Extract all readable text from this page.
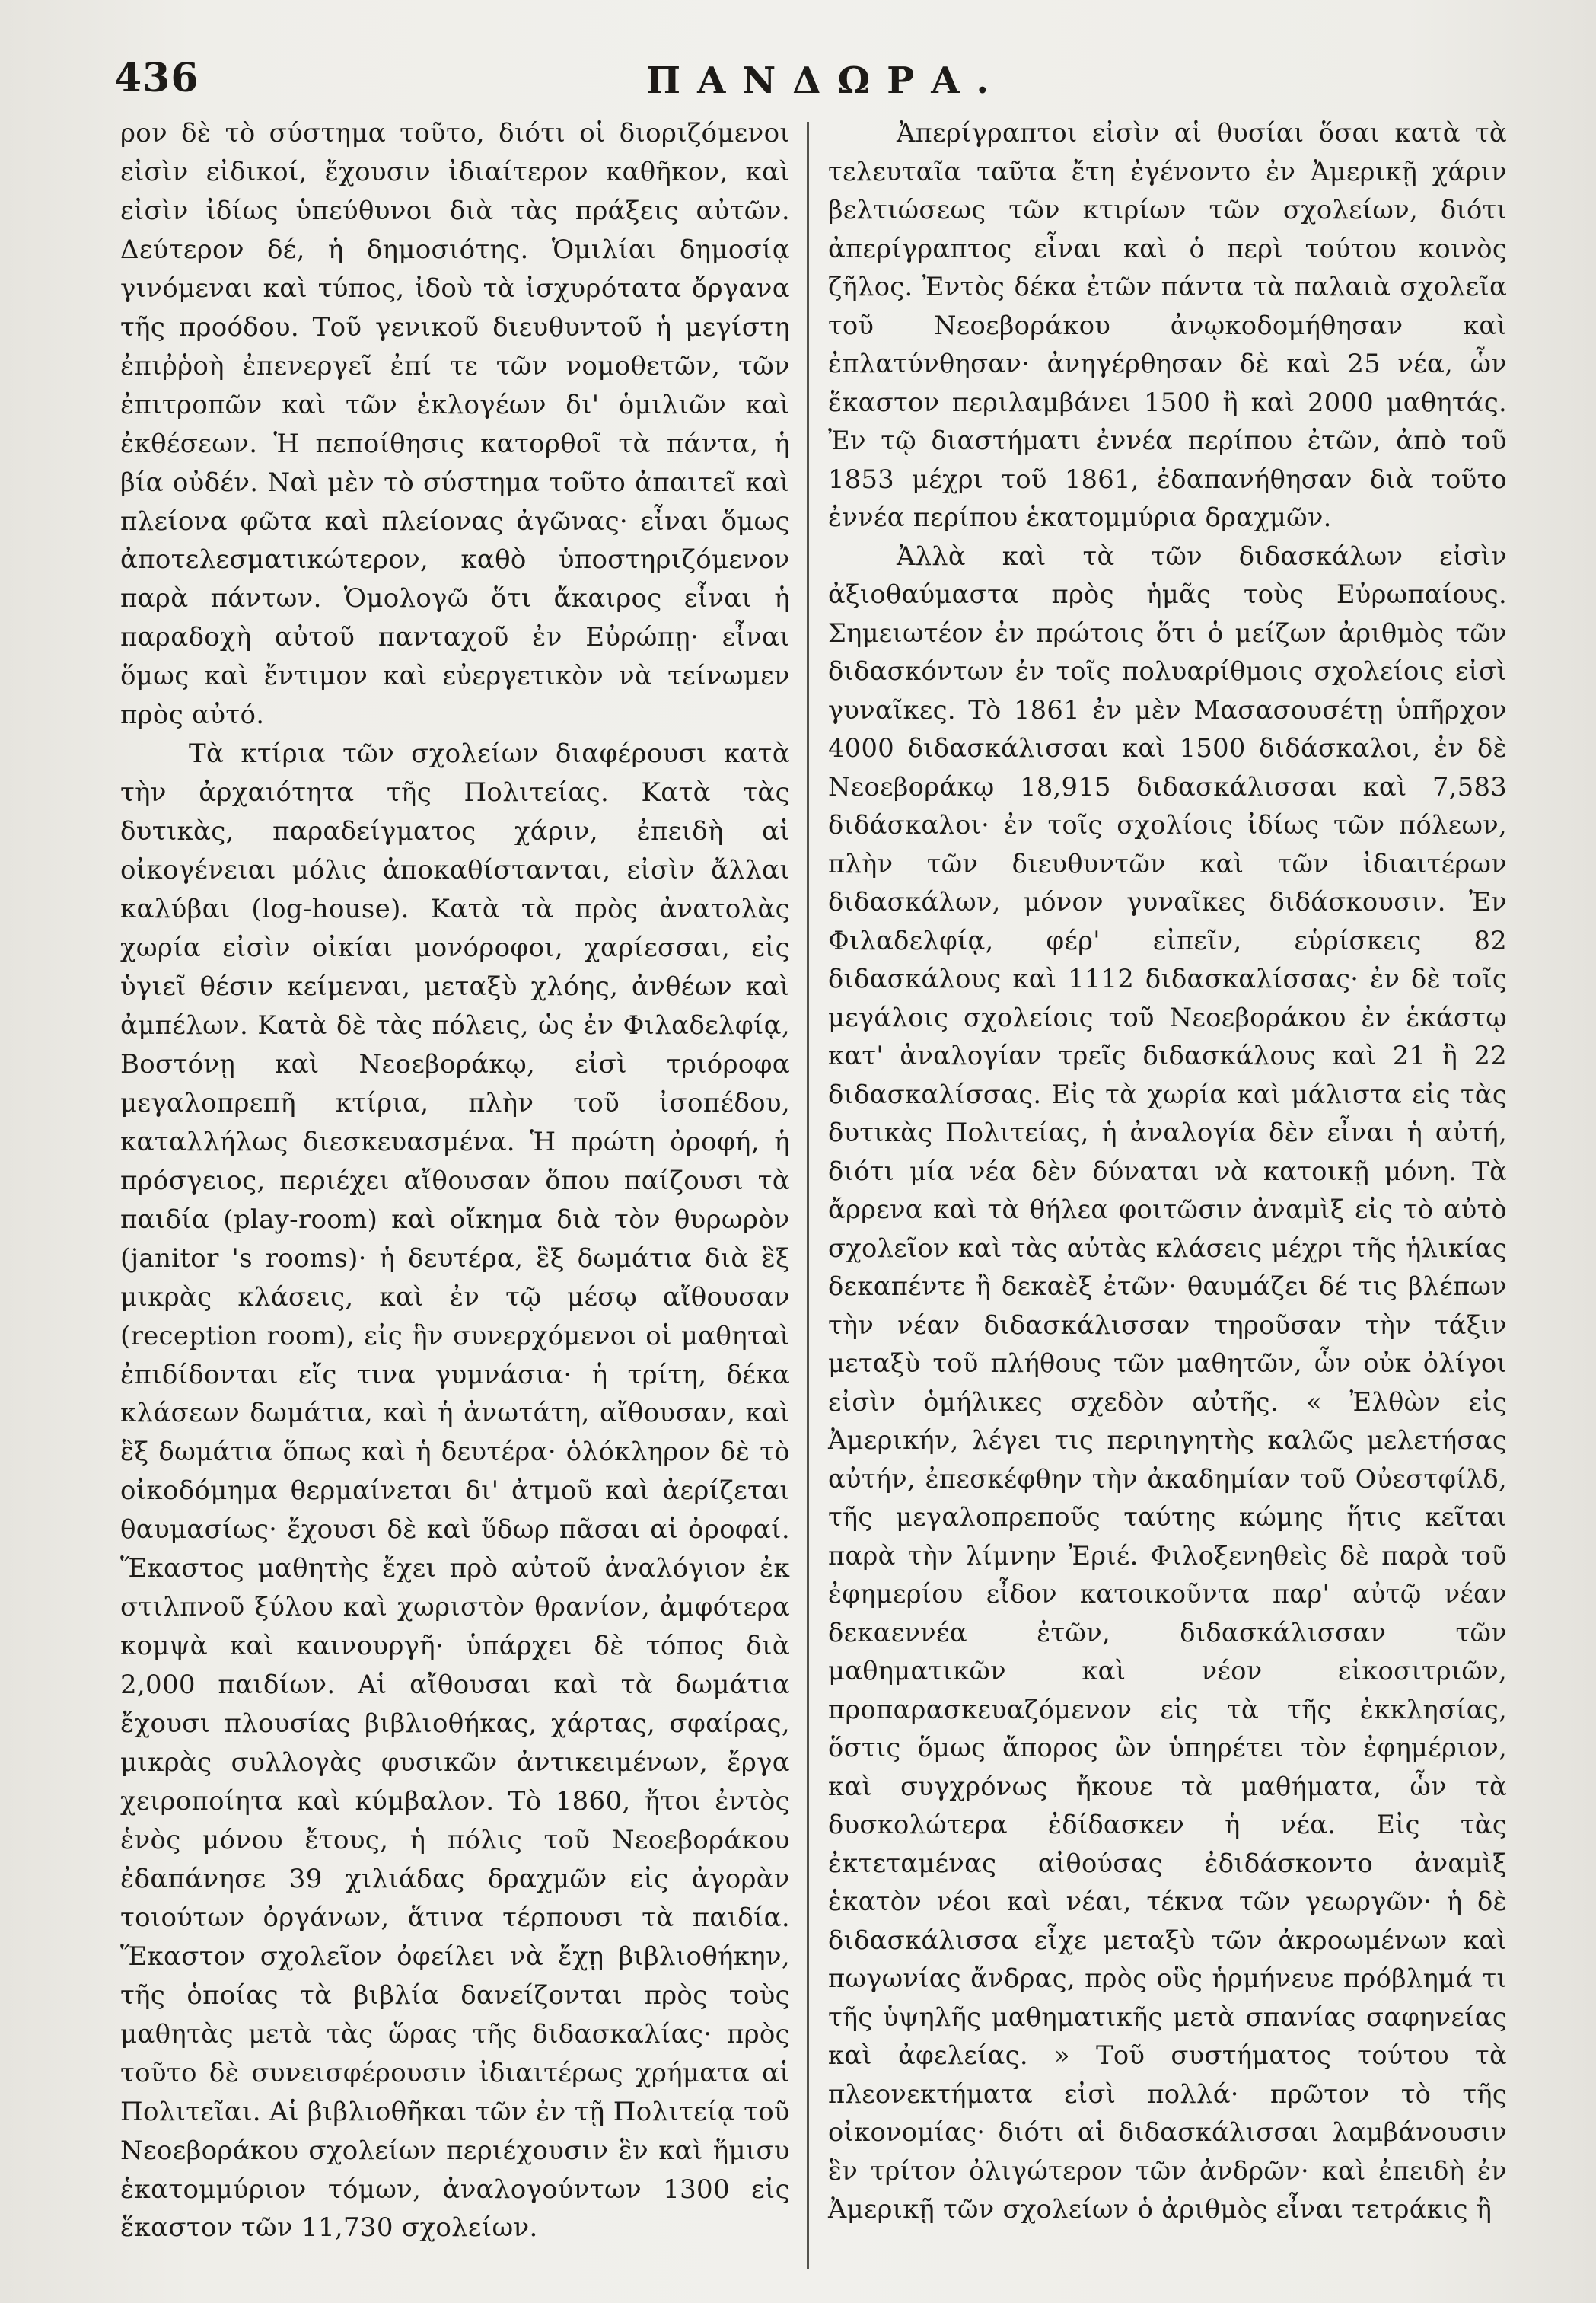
436	ΠΑΝΔΩΡΑ.

ρον δὲ τὸ σύστημα τοῦτο, διότι οἱ διοριζόμενοι εἰσὶν εἰδικοί, ἔχουσιν ἰδιαίτερον καθῆκον, καὶ εἰσὶν ἰδίως ὑπεύθυνοι διὰ τὰς πράξεις αὐτῶν. Δεύτερον δέ, ἡ δημοσιότης. Ὁμιλίαι δημοσίᾳ γινόμεναι καὶ τύπος, ἰδοὺ τὰ ἰσχυρότατα ὄργανα τῆς προόδου. Τοῦ γενικοῦ διευθυντοῦ ἡ μεγίστη ἐπιῤῥοὴ ἐπενεργεῖ ἐπί τε τῶν νομοθετῶν, τῶν ἐπιτροπῶν καὶ τῶν ἐκλογέων δι' ὁμιλιῶν καὶ ἐκθέσεων. Ἡ πεποίθησις κατορθοῖ τὰ πάντα, ἡ βία οὐδέν. Ναὶ μὲν τὸ σύστημα τοῦτο ἀπαιτεῖ καὶ πλείονα φῶτα καὶ πλείονας ἀγῶνας· εἶναι ὅμως ἀποτελεσματικώτερον, καθὸ ὑποστηριζόμενον παρὰ πάντων. Ὁμολογῶ ὅτι ἄκαιρος εἶναι ἡ παραδοχὴ αὐτοῦ πανταχοῦ ἐν Εὐρώπῃ· εἶναι ὅμως καὶ ἔντιμον καὶ εὐεργετικὸν νὰ τείνωμεν πρὸς αὐτό.

Τὰ κτίρια τῶν σχολείων διαφέρουσι κατὰ τὴν ἀρχαιότητα τῆς Πολιτείας. Κατὰ τὰς δυτικὰς, παραδείγματος χάριν, ἐπειδὴ αἱ οἰκογένειαι μόλις ἀποκαθίστανται, εἰσὶν ἄλλαι καλύβαι (log-house). Κατὰ τὰ πρὸς ἀνατολὰς χωρία εἰσὶν οἰκίαι μονόροφοι, χαρίεσσαι, εἰς ὑγιεῖ θέσιν κείμεναι, μεταξὺ χλόης, ἀνθέων καὶ ἀμπέλων. Κατὰ δὲ τὰς πόλεις, ὡς ἐν Φιλαδελφίᾳ, Βοστόνῃ καὶ Νεοεβοράκῳ, εἰσὶ τριόροφα μεγαλοπρεπῆ κτίρια, πλὴν τοῦ ἰσοπέδου, καταλλήλως διεσκευασμένα. Ἡ πρώτη ὀροφή, ἡ πρόσγειος, περιέχει αἴθουσαν ὅπου παίζουσι τὰ παιδία (play-room) καὶ οἴκημα διὰ τὸν θυρωρὸν (janitor 's rooms)· ἡ δευτέρα, ἓξ δωμάτια διὰ ἓξ μικρὰς κλάσεις, καὶ ἐν τῷ μέσῳ αἴθουσαν (reception room), εἰς ἣν συνερχόμενοι οἱ μαθηταὶ ἐπιδίδονται εἴς τινα γυμνάσια· ἡ τρίτη, δέκα κλάσεων δωμάτια, καὶ ἡ ἀνωτάτη, αἴθουσαν, καὶ ἓξ δωμάτια ὅπως καὶ ἡ δευτέρα· ὁλόκληρον δὲ τὸ οἰκοδόμημα θερμαίνεται δι' ἀτμοῦ καὶ ἀερίζεται θαυμασίως· ἔχουσι δὲ καὶ ὕδωρ πᾶσαι αἱ ὀροφαί. Ἕκαστος μαθητὴς ἔχει πρὸ αὐτοῦ ἀναλόγιον ἐκ στιλπνοῦ ξύλου καὶ χωριστὸν θρανίον, ἀμφότερα κομψὰ καὶ καινουργῆ· ὑπάρχει δὲ τόπος διὰ 2,000 παιδίων. Αἱ αἴθουσαι καὶ τὰ δωμάτια ἔχουσι πλουσίας βιβλιοθήκας, χάρτας, σφαίρας, μικρὰς συλλογὰς φυσικῶν ἀντικειμένων, ἔργα χειροποίητα καὶ κύμβαλον. Τὸ 1860, ἤτοι ἐντὸς ἑνὸς μόνου ἔτους, ἡ πόλις τοῦ Νεοεβοράκου ἐδαπάνησε 39 χιλιάδας δραχμῶν εἰς ἀγορὰν τοιούτων ὀργάνων, ἅτινα τέρπουσι τὰ παιδία. Ἕκαστον σχολεῖον ὀφείλει νὰ ἔχῃ βιβλιοθήκην, τῆς ὁποίας τὰ βιβλία δανείζονται πρὸς τοὺς μαθητὰς μετὰ τὰς ὥρας τῆς διδασκαλίας· πρὸς τοῦτο δὲ συνεισφέρουσιν ἰδιαιτέρως χρήματα αἱ Πολιτεῖαι. Αἱ βιβλιοθῆκαι τῶν ἐν τῇ Πολιτείᾳ τοῦ Νεοεβοράκου σχολείων περιέχουσιν ἓν καὶ ἥμισυ ἑκατομμύριον τόμων, ἀναλογούντων 1300 εἰς ἕκαστον τῶν 11,730 σχολείων.

Ἀπερίγραπτοι εἰσὶν αἱ θυσίαι ὅσαι κατὰ τὰ τελευταῖα ταῦτα ἔτη ἐγένοντο ἐν Ἀμερικῇ χάριν βελτιώσεως τῶν κτιρίων τῶν σχολείων, διότι ἀπερίγραπτος εἶναι καὶ ὁ περὶ τούτου κοινὸς ζῆλος. Ἐντὸς δέκα ἐτῶν πάντα τὰ παλαιὰ σχολεῖα τοῦ Νεοεβοράκου ἀνῳκοδομήθησαν καὶ ἐπλατύνθησαν· ἀνηγέρθησαν δὲ καὶ 25 νέα, ὧν ἕκαστον περιλαμβάνει 1500 ἢ καὶ 2000 μαθητάς. Ἐν τῷ διαστήματι ἐννέα περίπου ἐτῶν, ἀπὸ τοῦ 1853 μέχρι τοῦ 1861, ἐδαπανήθησαν διὰ τοῦτο ἐννέα περίπου ἑκατομμύρια δραχμῶν.

Ἀλλὰ καὶ τὰ τῶν διδασκάλων εἰσὶν ἀξιοθαύμαστα πρὸς ἡμᾶς τοὺς Εὐρωπαίους. Σημειωτέον ἐν πρώτοις ὅτι ὁ μείζων ἀριθμὸς τῶν διδασκόντων ἐν τοῖς πολυαρίθμοις σχολείοις εἰσὶ γυναῖκες. Τὸ 1861 ἐν μὲν Μασασουσέτῃ ὑπῆρχον 4000 διδασκάλισσαι καὶ 1500 διδάσκαλοι, ἐν δὲ Νεοεβοράκῳ 18,915 διδασκάλισσαι καὶ 7,583 διδάσκαλοι· ἐν τοῖς σχολίοις ἰδίως τῶν πόλεων, πλὴν τῶν διευθυντῶν καὶ τῶν ἰδιαιτέρων διδασκάλων, μόνον γυναῖκες διδάσκουσιν. Ἐν Φιλαδελφίᾳ, φέρ' εἰπεῖν, εὑρίσκεις 82 διδασκάλους καὶ 1112 διδασκαλίσσας· ἐν δὲ τοῖς μεγάλοις σχολείοις τοῦ Νεοεβοράκου ἐν ἑκάστῳ κατ' ἀναλογίαν τρεῖς διδασκάλους καὶ 21 ἢ 22 διδασκαλίσσας. Εἰς τὰ χωρία καὶ μάλιστα εἰς τὰς δυτικὰς Πολιτείας, ἡ ἀναλογία δὲν εἶναι ἡ αὐτή, διότι μία νέα δὲν δύναται νὰ κατοικῇ μόνη. Τὰ ἄρρενα καὶ τὰ θήλεα φοιτῶσιν ἀναμὶξ εἰς τὸ αὐτὸ σχολεῖον καὶ τὰς αὐτὰς κλάσεις μέχρι τῆς ἡλικίας δεκαπέντε ἢ δεκαὲξ ἐτῶν· θαυμάζει δέ τις βλέπων τὴν νέαν διδασκάλισσαν τηροῦσαν τὴν τάξιν μεταξὺ τοῦ πλήθους τῶν μαθητῶν, ὧν οὐκ ὀλίγοι εἰσὶν ὁμήλικες σχεδὸν αὐτῆς. « Ἐλθὼν εἰς Ἀμερικήν, λέγει τις περιηγητὴς καλῶς μελετήσας αὐτήν, ἐπεσκέφθην τὴν ἀκαδημίαν τοῦ Οὐεστφίλδ, τῆς μεγαλοπρεποῦς ταύτης κώμης ἥτις κεῖται παρὰ τὴν λίμνην Ἐριέ. Φιλοξενηθεὶς δὲ παρὰ τοῦ ἐφημερίου εἶδον κατοικοῦντα παρ' αὐτῷ νέαν δεκαεννέα ἐτῶν, διδασκάλισσαν τῶν μαθηματικῶν καὶ νέον εἰκοσιτριῶν, προπαρασκευαζόμενον εἰς τὰ τῆς ἐκκλησίας, ὅστις ὅμως ἄπορος ὢν ὑπηρέτει τὸν ἐφημέριον, καὶ συγχρόνως ἤκουε τὰ μαθήματα, ὧν τὰ δυσκολώτερα ἐδίδασκεν ἡ νέα. Εἰς τὰς ἐκτεταμένας αἰθούσας ἐδιδάσκοντο ἀναμὶξ ἑκατὸν νέοι καὶ νέαι, τέκνα τῶν γεωργῶν· ἡ δὲ διδασκάλισσα εἶχε μεταξὺ τῶν ἀκροωμένων καὶ πωγωνίας ἄνδρας, πρὸς οὓς ἡρμήνευε πρόβλημά τι τῆς ὑψηλῆς μαθηματικῆς μετὰ σπανίας σαφηνείας καὶ ἀφελείας. » Τοῦ συστήματος τούτου τὰ πλεονεκτήματα εἰσὶ πολλά· πρῶτον τὸ τῆς οἰκονομίας· διότι αἱ διδασκάλισσαι λαμβάνουσιν ἓν τρίτον ὀλιγώτερον τῶν ἀνδρῶν· καὶ ἐπειδὴ ἐν Ἀμερικῇ τῶν σχολείων ὁ ἀριθμὸς εἶναι τετράκις ἢ
